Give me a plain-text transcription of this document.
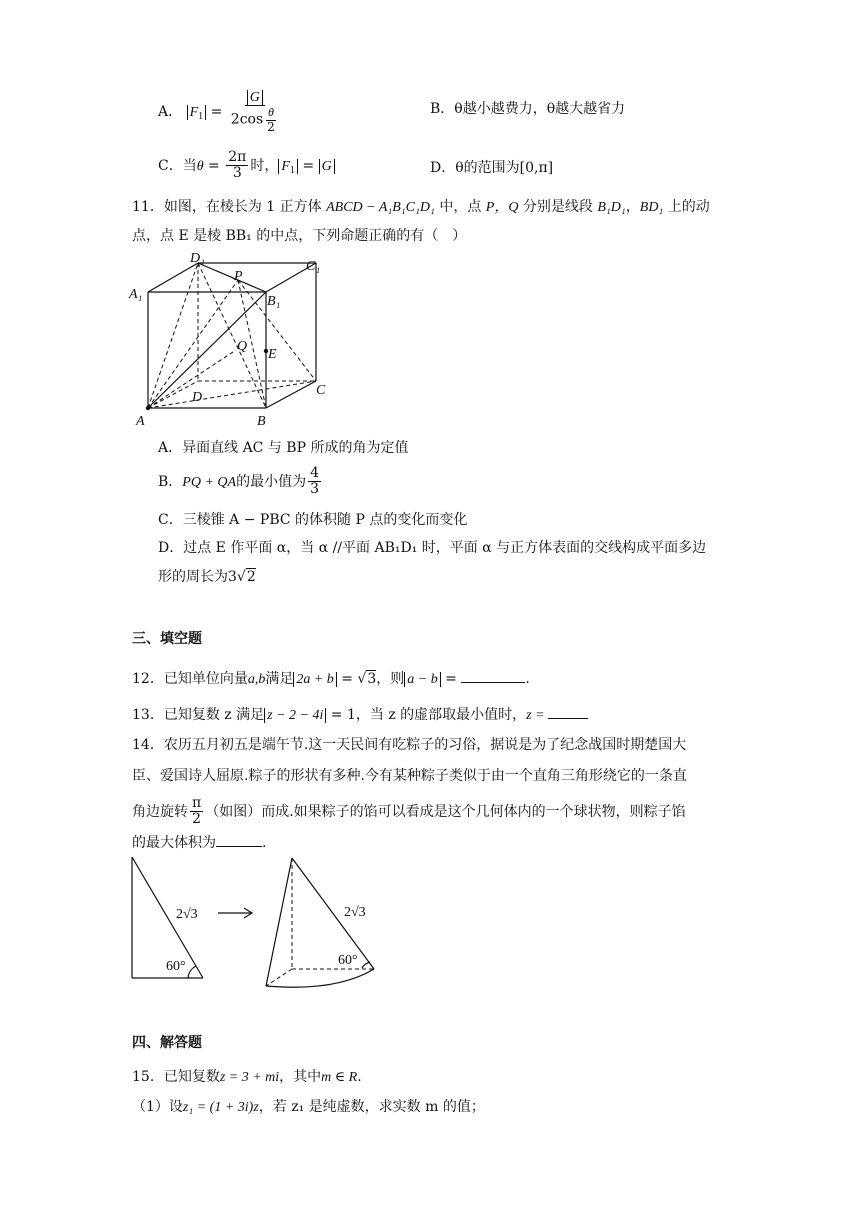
A． $F_1 = \frac{G}{2\cos \frac{\theta}{2}}$	B．θ越小越费力，θ越大越省力
C．当$\theta = \frac{2\pi}{3}$ 时， $F_1 = G$	D．θ的范围为[0,π]
11．如图，在棱长为 1 正方体 ABCD − A₁B₁C₁D₁ 中，点 P，Q 分别是线段 B₁D₁，BD₁ 上的动
点，点 E 是棱 BB₁ 的中点，下列命题正确的有（　）
D₁
C₁
A₁	B₁
P
Q
E
D	C
A	B
A．异面直线 AC 与 BP 所成的角为定值
B．PQ + QA的最小值为 $\frac{4}{3}$
C．三棱锥 A − PBC 的体积随 P 点的变化而变化
D．过点 E 作平面 α，当 α //平面 AB₁D₁ 时，平面 α 与正方体表面的交线构成平面多边
形的周长为3√2
三、填空题
12．已知单位向量a,b满足 2a + b = √3，则 a − b =	.
13．已知复数 z 满足 z − 2 − 4i = 1，当 z 的虚部取最小值时，z =
14．农历五月初五是端午节.这一天民间有吃粽子的习俗，据说是为了纪念战国时期楚国大
臣、爱国诗人屈原.粽子的形状有多种.今有某种粽子类似于由一个直角三角形绕它的一条直
角边旋转 $\frac{\pi}{2}$ （如图）而成.如果粽子的馅可以看成是这个几何体内的一个球状物，则粽子馅
的最大体积为	.
2√3
60°
2√3
60°
四、解答题
15．已知复数z = 3 + mi，其中m ∈ R.
（1）设z₁ = (1 + 3i)z，若 z₁ 是纯虚数，求实数 m 的值；
